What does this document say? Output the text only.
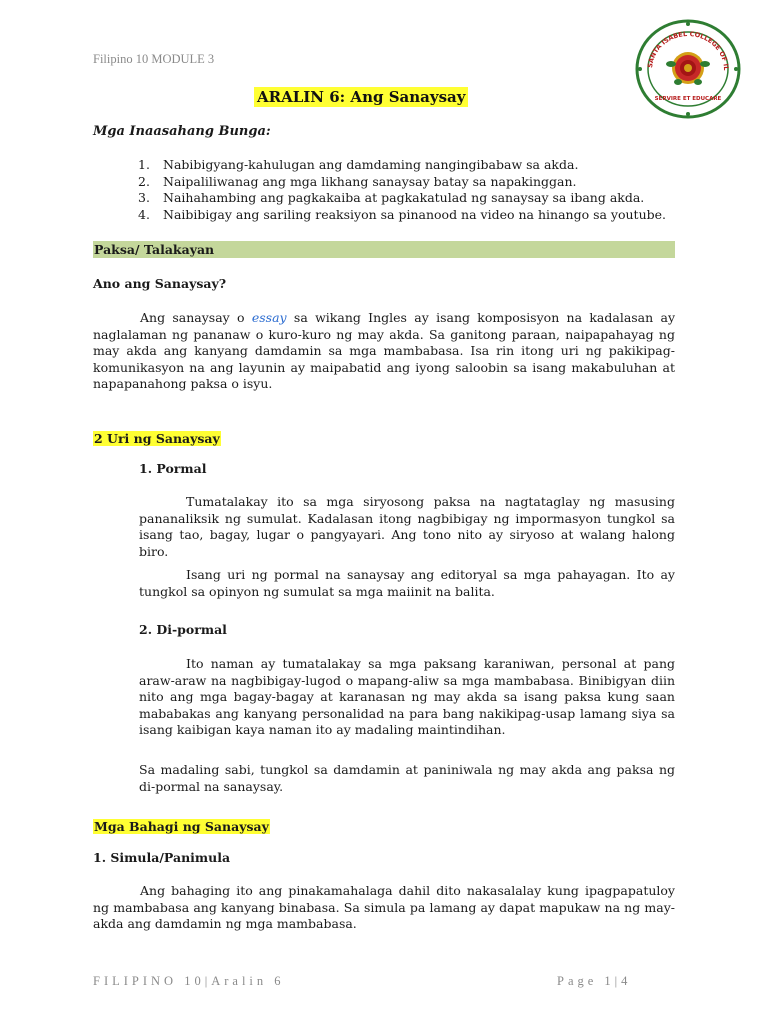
Filipino 10 MODULE 3	SANTA ISABEL COLLEGE OF IL
SERVIRE ET EDUCARE
ARALIN 6: Ang Sanaysay
Mga Inaasahang Bunga:
1. Nabibigyang-kahulugan ang damdaming nangingibabaw sa akda.
2. Naipaliliwanag ang mga likhang sanaysay batay sa napakinggan.
3. Naihahambing ang pagkakaiba at pagkakatulad ng sanaysay sa ibang akda.
4. Naibibigay ang sariling reaksiyon sa pinanood na video na hinango sa youtube.
Paksa/ Talakayan
Ano ang Sanaysay?

Ang sanaysay o essay sa wikang Ingles ay isang komposisyon na kadalasan ay naglalaman ng pananaw o kuro-kuro ng may akda. Sa ganitong paraan, naipapahayag ng may akda ang kanyang damdamin sa mga mambabasa. Isa rin itong uri ng pakikipag-komunikasyon na ang layunin ay maipabatid ang iyong saloobin sa isang makabuluhan at napapanahong paksa o isyu.

2 Uri ng Sanaysay
1. Pormal

Tumatalakay ito sa mga siryosong paksa na nagtataglay ng masusing pananaliksik ng sumulat. Kadalasan itong nagbibigay ng impormasyon tungkol sa isang tao, bagay, lugar o pangyayari. Ang tono nito ay siryoso at walang halong biro.

Isang uri ng pormal na sanaysay ang editoryal sa mga pahayagan. Ito ay tungkol sa opinyon ng sumulat sa mga maiinit na balita.

2. Di-pormal

Ito naman ay tumatalakay sa mga paksang karaniwan, personal at pang araw-araw na nagbibigay-lugod o mapang-aliw sa mga mambabasa. Binibigyan diin nito ang mga bagay-bagay at karanasan ng may akda sa isang paksa kung saan mababakas ang kanyang personalidad na para bang nakikipag-usap lamang siya sa isang kaibigan kaya naman ito ay madaling maintindihan.

Sa madaling sabi, tungkol sa damdamin at paniniwala ng may akda ang paksa ng di-pormal na sanaysay.

Mga Bahagi ng Sanaysay
1. Simula/Panimula

Ang bahaging ito ang pinakamahalaga dahil dito nakasalalay kung ipagpapatuloy ng mambabasa ang kanyang binabasa. Sa simula pa lamang ay dapat mapukaw na ng may-akda ang damdamin ng mga mambabasa.

FILIPINO 10|Aralin 6	Page 1|4
